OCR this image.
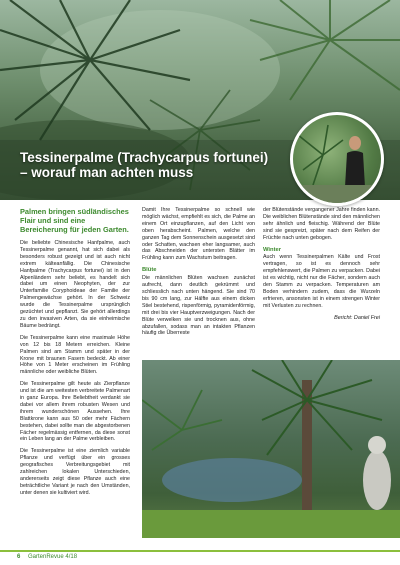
Tessinerpalme (Trachycarpus fortunei) – worauf man achten muss
Palmen bringen südländisches Flair und sind eine Bereicherung für jeden Garten.

Die beliebte Chinesische Hanfpalme, auch Tessinerpalme genannt, hat sich dabei als besonders robust gezeigt und ist auch nicht extrem kälteanfällig. Die Chinesische Hanfpalme (Trachycarpus fortunei) ist in den Alpenländern sehr beliebt, es handelt sich dabei um einen Neophyten, der zur Unterfamilie Coryphoideae der Familie der Palmengewächse gehört. In der Schweiz wurde die Tessinerpalme ursprünglich gezüchtet und gepflanzt. Sie gehört allerdings zu den invasiven Arten, da sie einheimische Bäume bedrängt.

Die Tessinerpalme kann eine maximale Höhe von 12 bis 18 Metern erreichen. Kleine Palmen sind am Stamm und später in der Krone mit braunen Fasern bedeckt. Ab einer Höhe von 1 Meter erscheinen im Frühling männliche oder weibliche Blüten.

Die Tessinerpalme gilt heute als Zierpflanze und ist die am weitesten verbreitete Palmenart in ganz Europa. Ihre Beliebtheit verdankt sie dabei vor allem ihrem robusten Wesen und ihrem wunderschönen Aussehen. Ihre Blattkrone kann aus 50 oder mehr Fächern bestehen, dabei sollte man die abgestorbenen Fächer regelmässig entfernen, da diese sonst ein Leben lang an der Palme verbleiben.

Die Tessinerpalme ist eine ziemlich variable Pflanze und verfügt über ein grosses geografisches Verbreitungsgebiet mit zahlreichen lokalen Unterschieden, andererseits zeigt diese Pflanze auch eine beträchtliche Variant je nach den Umständen, unter denen sie kultiviert wird.

Damit Ihre Tessinerpalme so schnell wie möglich wächst, empfiehlt es sich, die Palme an einem Ort einzupflanzen, auf den Licht von oben herabscheint. Palmen, welche den ganzen Tag dem Sonnenschein ausgesetzt sind oder Schatten, wachsen eher langsamer, auch das Abschneiden der untersten Blätter im Frühling kann zum Wachstum beitragen.

Blüte

Die männlichen Blüten wachsen zunächst aufrecht, dann deutlich gekrümmt und schliesslich nach unten hängend. Sie sind 70 bis 90 cm lang, zur Hälfte aus einem dicken Stiel bestehend, rispenförmig, pyramidenförmig, mit drei bis vier Hauptverzweigungen. Nach der Blüte verwelken sie und trocknen aus, ohne abzufallen, sodass man an intakten Pflanzen häufig die Überreste

der Blütenstände vergangener Jahre finden kann. Die weiblichen Blütenstände sind den männlichen sehr ähnlich und fleischig. Während der Blüte sind sie gespreizt, später nach dem Reifen der Früchte nach unten gebogen.

Winter

Auch wenn Tessinerpalmen Kälte und Frost vertragen, so ist es dennoch sehr empfehlenswert, die Palmen zu verpacken. Dabei ist es wichtig, nicht nur die Fächer, sondern auch den Stamm zu verpacken. Temperaturen am Boden verhindern zudem, dass die Wurzeln erfrieren, ansonsten ist in einem strengen Winter mit Verlusten zu rechnen.

Bericht: Daniel Frei
6 GartenRevue 4/18
